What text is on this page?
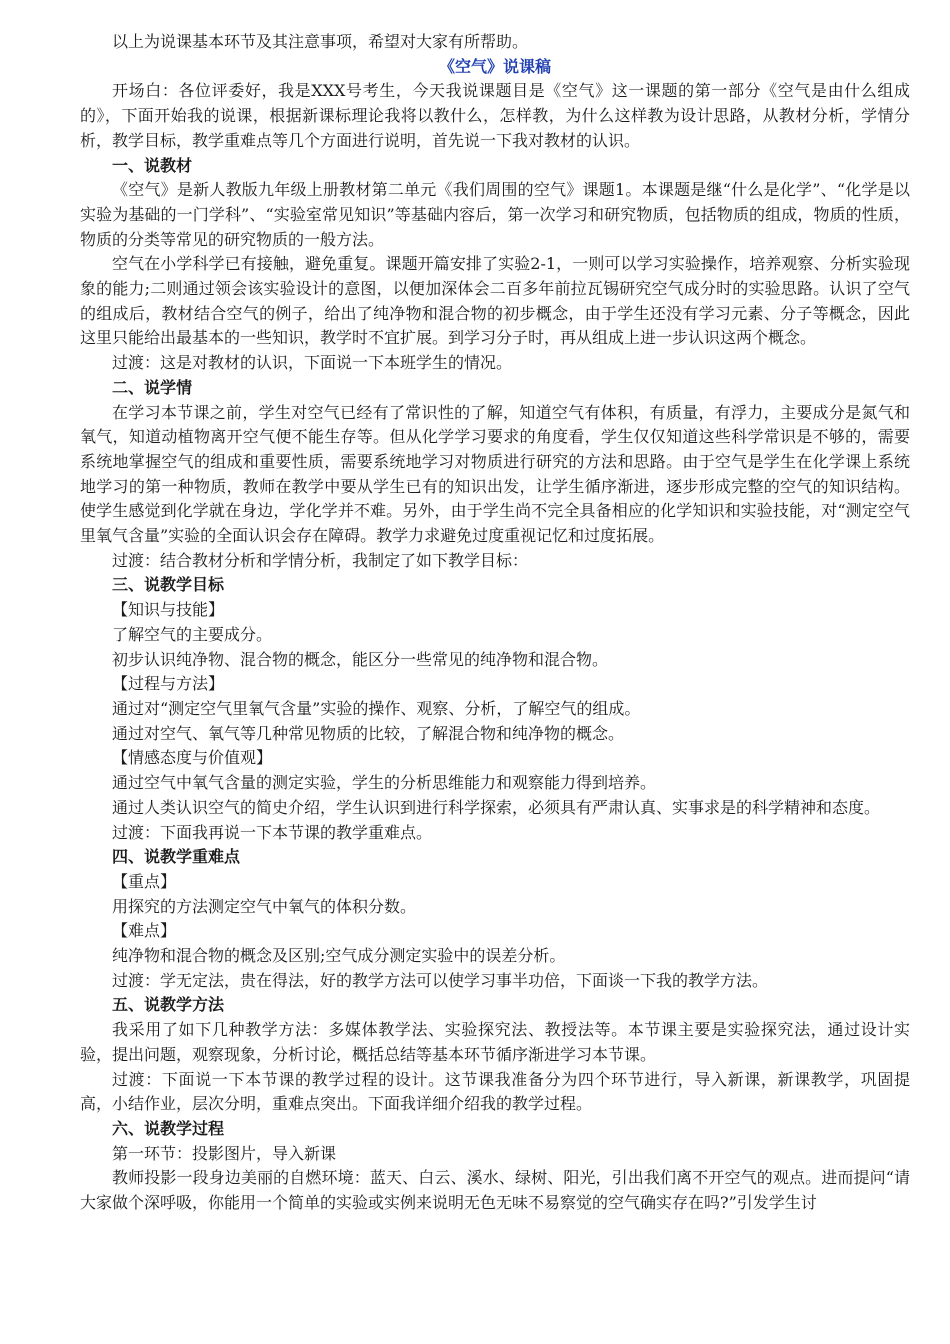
以上为说课基本环节及其注意事项，希望对大家有所帮助。

《空气》说课稿

开场白：各位评委好，我是XXX号考生，今天我说课题目是《空气》这一课题的第一部分《空气是由什么组成的》，下面开始我的说课，根据新课标理论我将以教什么，怎样教，为什么这样教为设计思路，从教材分析，学情分析，教学目标，教学重难点等几个方面进行说明，首先说一下我对教材的认识。

一、说教材

《空气》是新人教版九年级上册教材第二单元《我们周围的空气》课题1。本课题是继“什么是化学”、“化学是以实验为基础的一门学科”、“实验室常见知识”等基础内容后，第一次学习和研究物质，包括物质的组成，物质的性质，物质的分类等常见的研究物质的一般方法。

空气在小学科学已有接触，避免重复。课题开篇安排了实验2-1，一则可以学习实验操作，培养观察、分析实验现象的能力;二则通过领会该实验设计的意图，以便加深体会二百多年前拉瓦锡研究空气成分时的实验思路。认识了空气的组成后，教材结合空气的例子，给出了纯净物和混合物的初步概念，由于学生还没有学习元素、分子等概念，因此这里只能给出最基本的一些知识，教学时不宜扩展。到学习分子时，再从组成上进一步认识这两个概念。

过渡：这是对教材的认识，下面说一下本班学生的情况。

二、说学情

在学习本节课之前，学生对空气已经有了常识性的了解，知道空气有体积，有质量，有浮力，主要成分是氮气和氧气，知道动植物离开空气便不能生存等。但从化学学习要求的角度看，学生仅仅知道这些科学常识是不够的，需要系统地掌握空气的组成和重要性质，需要系统地学习对物质进行研究的方法和思路。由于空气是学生在化学课上系统地学习的第一种物质，教师在教学中要从学生已有的知识出发，让学生循序渐进，逐步形成完整的空气的知识结构。使学生感觉到化学就在身边，学化学并不难。另外，由于学生尚不完全具备相应的化学知识和实验技能，对“测定空气里氧气含量”实验的全面认识会存在障碍。教学力求避免过度重视记忆和过度拓展。

过渡：结合教材分析和学情分析，我制定了如下教学目标：

三、说教学目标

【知识与技能】

了解空气的主要成分。

初步认识纯净物、混合物的概念，能区分一些常见的纯净物和混合物。

【过程与方法】

通过对“测定空气里氧气含量”实验的操作、观察、分析，了解空气的组成。

通过对空气、氧气等几种常见物质的比较，了解混合物和纯净物的概念。

【情感态度与价值观】

通过空气中氧气含量的测定实验，学生的分析思维能力和观察能力得到培养。

通过人类认识空气的简史介绍，学生认识到进行科学探索，必须具有严肃认真、实事求是的科学精神和态度。

过渡：下面我再说一下本节课的教学重难点。

四、说教学重难点

【重点】

用探究的方法测定空气中氧气的体积分数。

【难点】

纯净物和混合物的概念及区别;空气成分测定实验中的误差分析。

过渡：学无定法，贵在得法，好的教学方法可以使学习事半功倍，下面谈一下我的教学方法。

五、说教学方法

我采用了如下几种教学方法：多媒体教学法、实验探究法、教授法等。本节课主要是实验探究法，通过设计实验，提出问题，观察现象，分析讨论，概括总结等基本环节循序渐进学习本节课。

过渡：下面说一下本节课的教学过程的设计。这节课我准备分为四个环节进行，导入新课，新课教学，巩固提高，小结作业，层次分明，重难点突出。下面我详细介绍我的教学过程。

六、说教学过程

第一环节：投影图片，导入新课

教师投影一段身边美丽的自燃环境：蓝天、白云、溪水、绿树、阳光，引出我们离不开空气的观点。进而提问“请大家做个深呼吸，你能用一个简单的实验或实例来说明无色无味不易察觉的空气确实存在吗?”引发学生讨
